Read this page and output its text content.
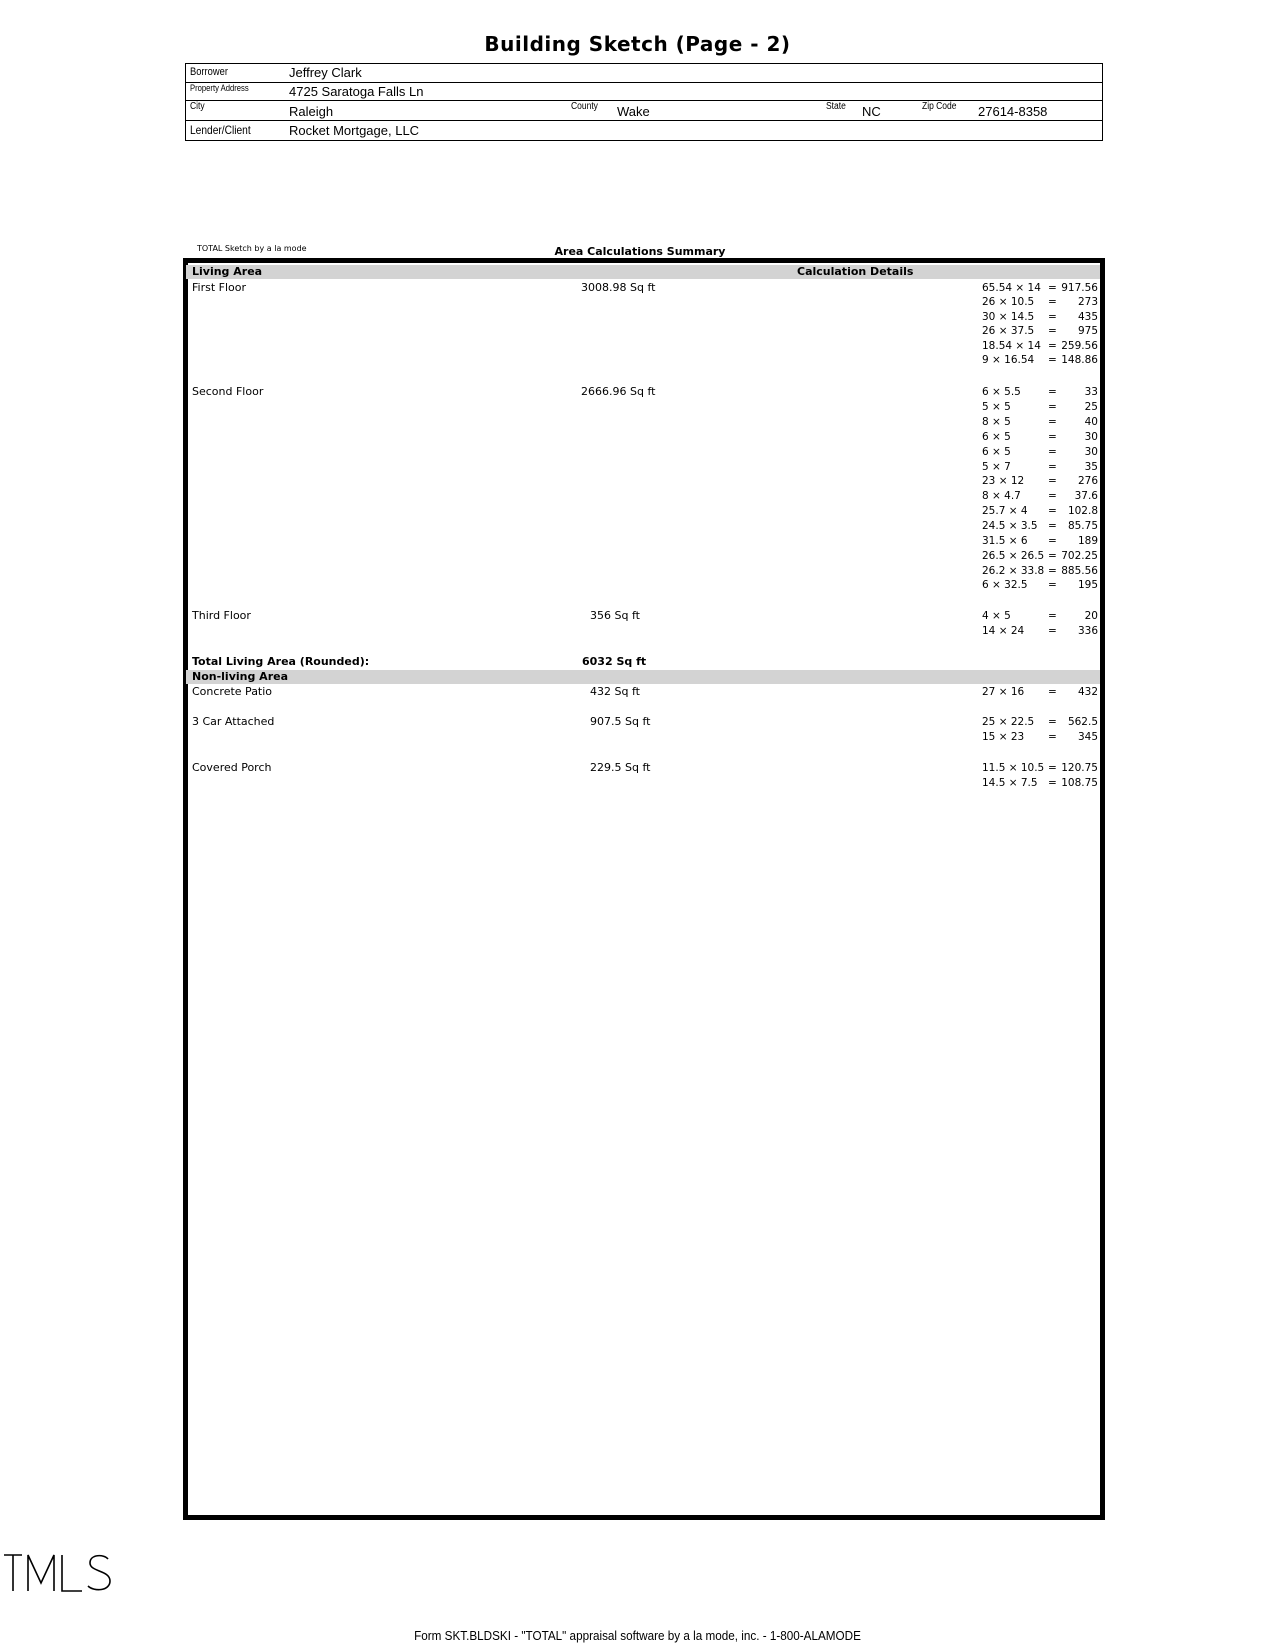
Building Sketch (Page - 2)
Borrower	Jeffrey Clark
Property Address	4725 Saratoga Falls Ln
City	Raleigh	County Wake	State NC	Zip Code 27614-8358
Lender/Client	Rocket Mortgage, LLC
TOTAL Sketch by a la mode	Area Calculations Summary
Living Area	Calculation Details
First Floor	3008.98 Sq ft	65.54 × 14 = 917.56
26 × 10.5 = 273
30 × 14.5 = 435
26 × 37.5 = 975
18.54 × 14 = 259.56
9 × 16.54 = 148.86
Second Floor	2666.96 Sq ft	6 × 5.5	=	33
5 × 5	=	25
8 × 5	=	40
6 × 5	=	30
6 × 5	=	30
5 × 7	=	35
23 × 12 = 276
8 × 4.7	= 37.6
25.7 × 4 = 102.8
24.5 × 3.5 = 85.75
31.5 × 6 = 189
26.5 × 26.5 = 702.25
26.2 × 33.8 = 885.56
6 × 32.5 = 195
Third Floor	356 Sq ft	4 × 5	=	20
14 × 24 = 336
Total Living Area (Rounded):	6032 Sq ft
Non-living Area
Concrete Patio	432 Sq ft	27 × 16 = 432
3 Car Attached	907.5 Sq ft	25 × 22.5 = 562.5
15 × 23 = 345
Covered Porch	229.5 Sq ft	11.5 × 10.5 = 120.75
14.5 × 7.5 = 108.75
Form SKT.BLDSKI - "TOTAL" appraisal software by a la mode, inc. - 1-800-ALAMODE
